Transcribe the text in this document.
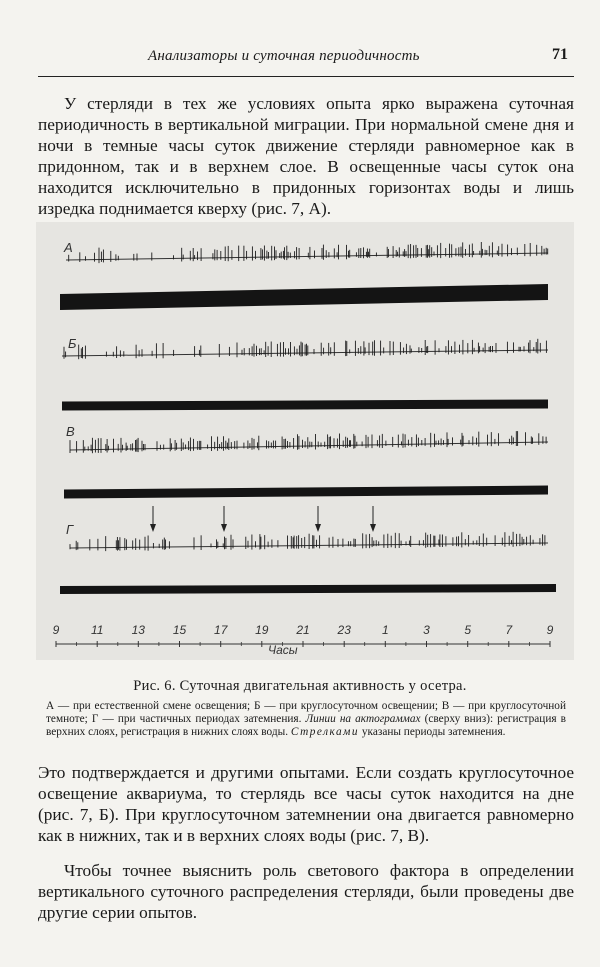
Анализаторы и суточная периодичность	71
У стерляди в тех же условиях опыта ярко выражена суточная периодичность в вертикальной миграции. При нормальной смене дня и ночи в темные часы суток движение стерляди равномерное как в придонном, так и в верхнем слое. В освещенные часы суток она находится исключительно в придонных горизонтах воды и лишь изредка поднимается кверху (рис. 7, А).
А
Б
В
Г
9	11 13 15 17 19 21 23	1	3	5	7	9
Часы
Рис. 6. Суточная двигательная активность у осетра.
А — при естественной смене освещения; Б — при круглосуточном освещении; В — при круглосуточной темноте; Г — при частичных периодах затемнения. Линии на актограммах (сверху вниз): регистрация в верхних слоях, регистрация в нижних слоях воды. Стрелками указаны периоды затемнения.
Это подтверждается и другими опытами. Если создать круглосуточное освещение аквариума, то стерлядь все часы суток находится на дне (рис. 7, Б). При круглосуточном затемнении она двигается равномерно как в нижних, так и в верхних слоях воды (рис. 7, В).
Чтобы точнее выяснить роль светового фактора в определении вертикального суточного распределения стерляди, были проведены две другие серии опытов.
